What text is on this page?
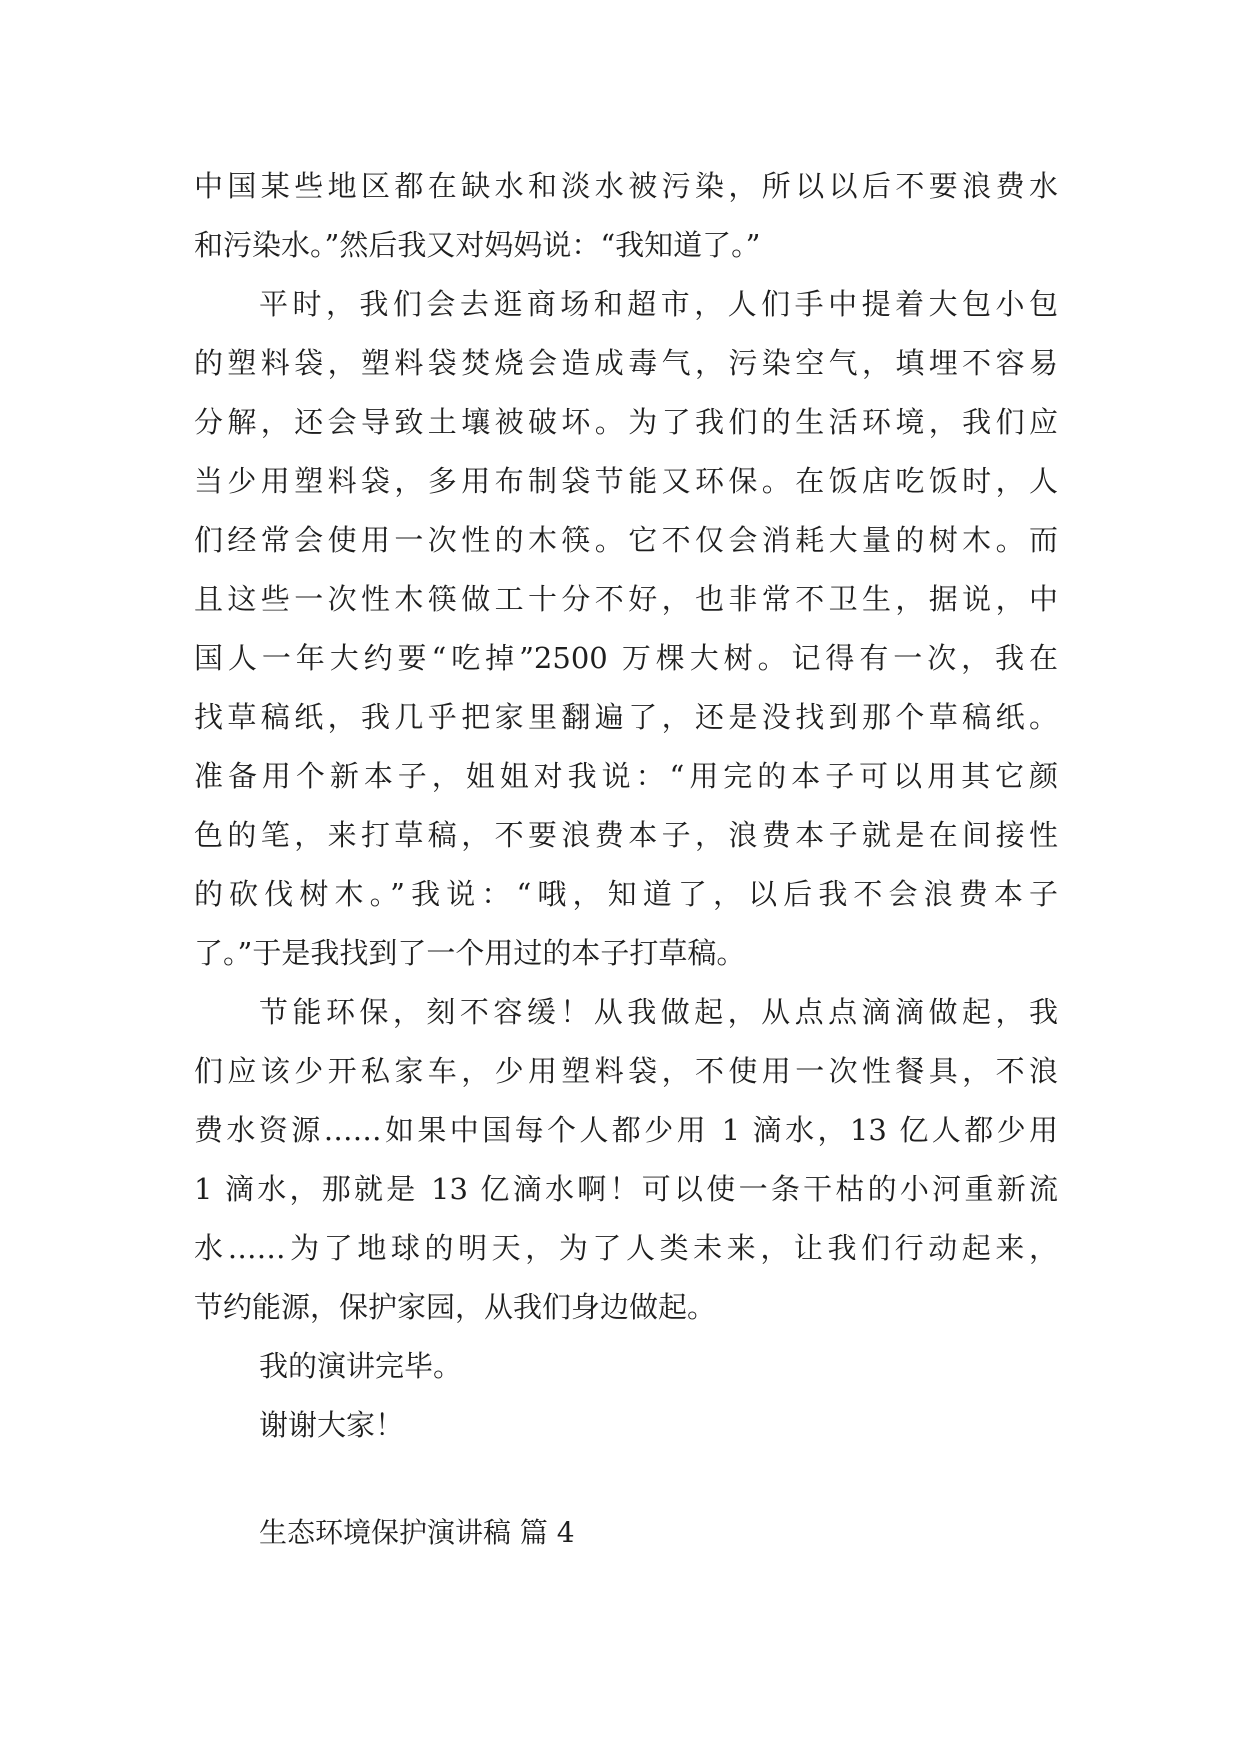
中国某些地区都在缺水和淡水被污染，所以以后不要浪费水
和污染水。”然后我又对妈妈说：“我知道了。”
平时，我们会去逛商场和超市，人们手中提着大包小包
的塑料袋，塑料袋焚烧会造成毒气，污染空气，填埋不容易
分解，还会导致土壤被破坏。为了我们的生活环境，我们应
当少用塑料袋，多用布制袋节能又环保。在饭店吃饭时，人
们经常会使用一次性的木筷。它不仅会消耗大量的树木。而
且这些一次性木筷做工十分不好，也非常不卫生，据说，中
国人一年大约要“吃掉”2500 万棵大树。记得有一次，我在
找草稿纸，我几乎把家里翻遍了，还是没找到那个草稿纸。
准备用个新本子，姐姐对我说：“用完的本子可以用其它颜
色的笔，来打草稿，不要浪费本子，浪费本子就是在间接性
的砍伐树木。”我说：“哦，知道了，以后我不会浪费本子
了。”于是我找到了一个用过的本子打草稿。
节能环保，刻不容缓！从我做起，从点点滴滴做起，我
们应该少开私家车，少用塑料袋，不使用一次性餐具，不浪
费水资源……如果中国每个人都少用 1 滴水，13 亿人都少用
1 滴水，那就是 13 亿滴水啊！可以使一条干枯的小河重新流
水……为了地球的明天，为了人类未来，让我们行动起来，
节约能源，保护家园，从我们身边做起。
我的演讲完毕。
谢谢大家！
生态环境保护演讲稿 篇 4
